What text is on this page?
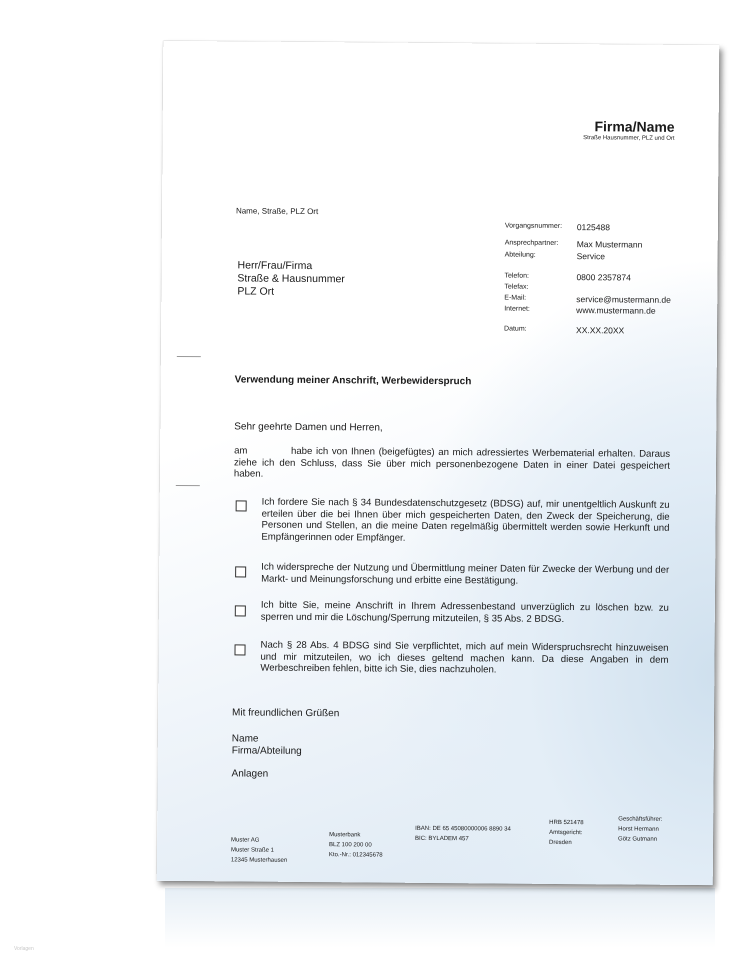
Firma/Name
Straße Hausnummer, PLZ und Ort
Name, Straße, PLZ Ort
Vorgangsnummer: 0125488
Ansprechpartner: Max Mustermann
Abteilung:	Service
Telefon:	0800 2357874
Telefax:
E-Mail:	service@mustermann.de
Internet:	www.mustermann.de
Datum:	XX.XX.20XX
Herr/Frau/Firma
Straße & Hausnummer
PLZ Ort
Verwendung meiner Anschrift, Werbewiderspruch
Sehr geehrte Damen und Herren,
am            habe ich von Ihnen (beigefügtes) an mich adressiertes Werbematerial erhalten. Daraus ziehe ich den Schluss, dass Sie über mich personenbezogene Daten in einer Datei gespeichert haben.
Ich fordere Sie nach § 34 Bundesdatenschutzgesetz (BDSG) auf, mir unentgeltlich Auskunft zu erteilen über die bei Ihnen über mich gespeicherten Daten, den Zweck der Speicherung, die Personen und Stellen, an die meine Daten regelmäßig übermittelt werden sowie Herkunft und Empfängerinnen oder Empfänger.
Ich widerspreche der Nutzung und Übermittlung meiner Daten für Zwecke der Werbung und der Markt- und Meinungsforschung und erbitte eine Bestätigung.
Ich bitte Sie, meine Anschrift in Ihrem Adressenbestand unverzüglich zu löschen bzw. zu sperren und mir die Löschung/Sperrung mitzuteilen, § 35 Abs. 2 BDSG.
Nach § 28 Abs. 4 BDSG sind Sie verpflichtet, mich auf mein Widerspruchsrecht hinzuweisen und mir mitzuteilen, wo ich dieses geltend machen kann. Da diese Angaben in dem Werbeschreiben fehlen, bitte ich Sie, dies nachzuholen.
Mit freundlichen Grüßen
Name
Firma/Abteilung
Anlagen
Muster AG
Muster Straße 1
12345 Musterhausen
Musterbank
BLZ 100 200 00
Kto.-Nr.: 012345678
IBAN: DE 65 45080000006 8890 34
BIC: BYLADEM 457
HRB 521478
Amtsgericht:
Dresden
Geschäftsführer:
Horst Hermann
Götz Gutmann
Vorlagen
